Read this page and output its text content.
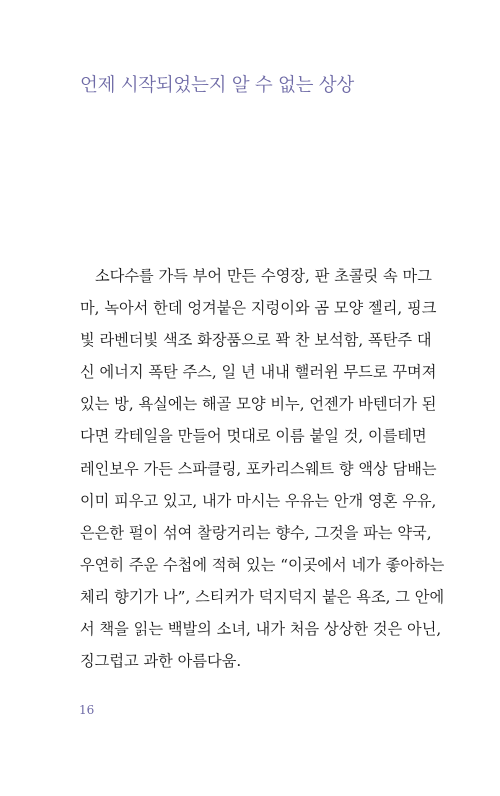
언제 시작되었는지 알 수 없는 상상
소다수를 가득 부어 만든 수영장, 판 초콜릿 속 마그
마, 녹아서 한데 엉겨붙은 지렁이와 곰 모양 젤리, 핑크
빛 라벤더빛 색조 화장품으로 꽉 찬 보석함, 폭탄주 대
신 에너지 폭탄 주스, 일 년 내내 핼러윈 무드로 꾸며져
있는 방, 욕실에는 해골 모양 비누, 언젠가 바텐더가 된
다면 칵테일을 만들어 멋대로 이름 붙일 것, 이를테면
레인보우 가든 스파클링, 포카리스웨트 향 액상 담배는
이미 피우고 있고, 내가 마시는 우유는 안개 영혼 우유,
은은한 펄이 섞여 찰랑거리는 향수, 그것을 파는 약국,
우연히 주운 수첩에 적혀 있는 “이곳에서 네가 좋아하는
체리 향기가 나”, 스티커가 덕지덕지 붙은 욕조, 그 안에
서 책을 읽는 백발의 소녀, 내가 처음 상상한 것은 아닌,
징그럽고 과한 아름다움.
16
